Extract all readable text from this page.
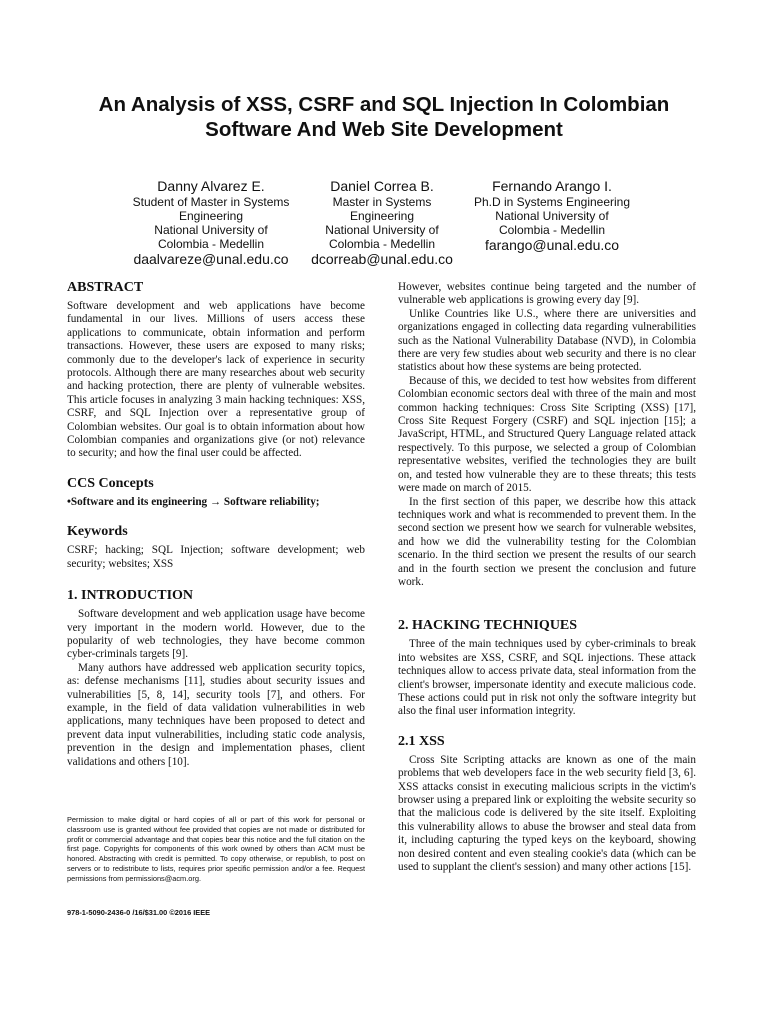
An Analysis of XSS, CSRF and SQL Injection In Colombian
Software And Web Site Development
Danny Alvarez E.
Student of Master in Systems
Engineering
National University of
Colombia - Medellin
daalvareze@unal.edu.co
Daniel Correa B.
Master in Systems
Engineering
National University of
Colombia - Medellin
dcorreab@unal.edu.co
Fernando Arango I.
Ph.D in Systems Engineering
National University of
Colombia - Medellin
farango@unal.edu.co
ABSTRACT

Software development and web applications have become fundamental in our lives. Millions of users access these applications to communicate, obtain information and perform transactions. However, these users are exposed to many risks; commonly due to the developer's lack of experience in security protocols. Although there are many researches about web security and hacking protection, there are plenty of vulnerable websites. This article focuses in analyzing 3 main hacking techniques: XSS, CSRF, and SQL Injection over a representative group of Colombian websites. Our goal is to obtain information about how Colombian companies and organizations give (or not) relevance to security; and how the final user could be affected.

CCS Concepts

•Software and its engineering → Software reliability;

Keywords

CSRF; hacking; SQL Injection; software development; web security; websites; XSS

1. INTRODUCTION

Software development and web application usage have become very important in the modern world. However, due to the popularity of web technologies, they have become common cyber-criminals targets [9].

Many authors have addressed web application security topics, as: defense mechanisms [11], studies about security issues and vulnerabilities [5, 8, 14], security tools [7], and others. For example, in the field of data validation vulnerabilities in web applications, many techniques have been proposed to detect and prevent data input vulnerabilities, including static code analysis, prevention in the design and implementation phases, client validations and others [10].

Permission to make digital or hard copies of all or part of this work for personal or classroom use is granted without fee provided that copies are not made or distributed for profit or commercial advantage and that copies bear this notice and the full citation on the first page. Copyrights for components of this work owned by others than ACM must be honored. Abstracting with credit is permitted. To copy otherwise, or republish, to post on servers or to redistribute to lists, requires prior specific permission and/or a fee. Request permissions from permissions@acm.org.
978-1-5090-2436-0 /16/$31.00 ©2016 IEEE

However, websites continue being targeted and the number of vulnerable web applications is growing every day [9].

Unlike Countries like U.S., where there are universities and organizations engaged in collecting data regarding vulnerabilities such as the National Vulnerability Database (NVD), in Colombia there are very few studies about web security and there is no clear statistics about how these systems are being protected.

Because of this, we decided to test how websites from different Colombian economic sectors deal with three of the main and most common hacking techniques: Cross Site Scripting (XSS) [17], Cross Site Request Forgery (CSRF) and SQL injection [15]; a JavaScript, HTML, and Structured Query Language related attack respectively. To this purpose, we selected a group of Colombian representative websites, verified the technologies they are built on, and tested how vulnerable they are to these threats; this tests were made on march of 2015.

In the first section of this paper, we describe how this attack techniques work and what is recommended to prevent them. In the second section we present how we search for vulnerable websites, and how we did the vulnerability testing for the Colombian scenario. In the third section we present the results of our search and in the fourth section we present the conclusion and future work.

2. HACKING TECHNIQUES

Three of the main techniques used by cyber-criminals to break into websites are XSS, CSRF, and SQL injections. These attack techniques allow to access private data, steal information from the client's browser, impersonate identity and execute malicious code. These actions could put in risk not only the software integrity but also the final user information integrity.

2.1 XSS

Cross Site Scripting attacks are known as one of the main problems that web developers face in the web security field [3, 6]. XSS attacks consist in executing malicious scripts in the victim's browser using a prepared link or exploiting the website security so that the malicious code is delivered by the site itself. Exploiting this vulnerability allows to abuse the browser and steal data from it, including capturing the typed keys on the keyboard, showing non desired content and even stealing cookie's data (which can be used to supplant the client's session) and many other actions [15].
